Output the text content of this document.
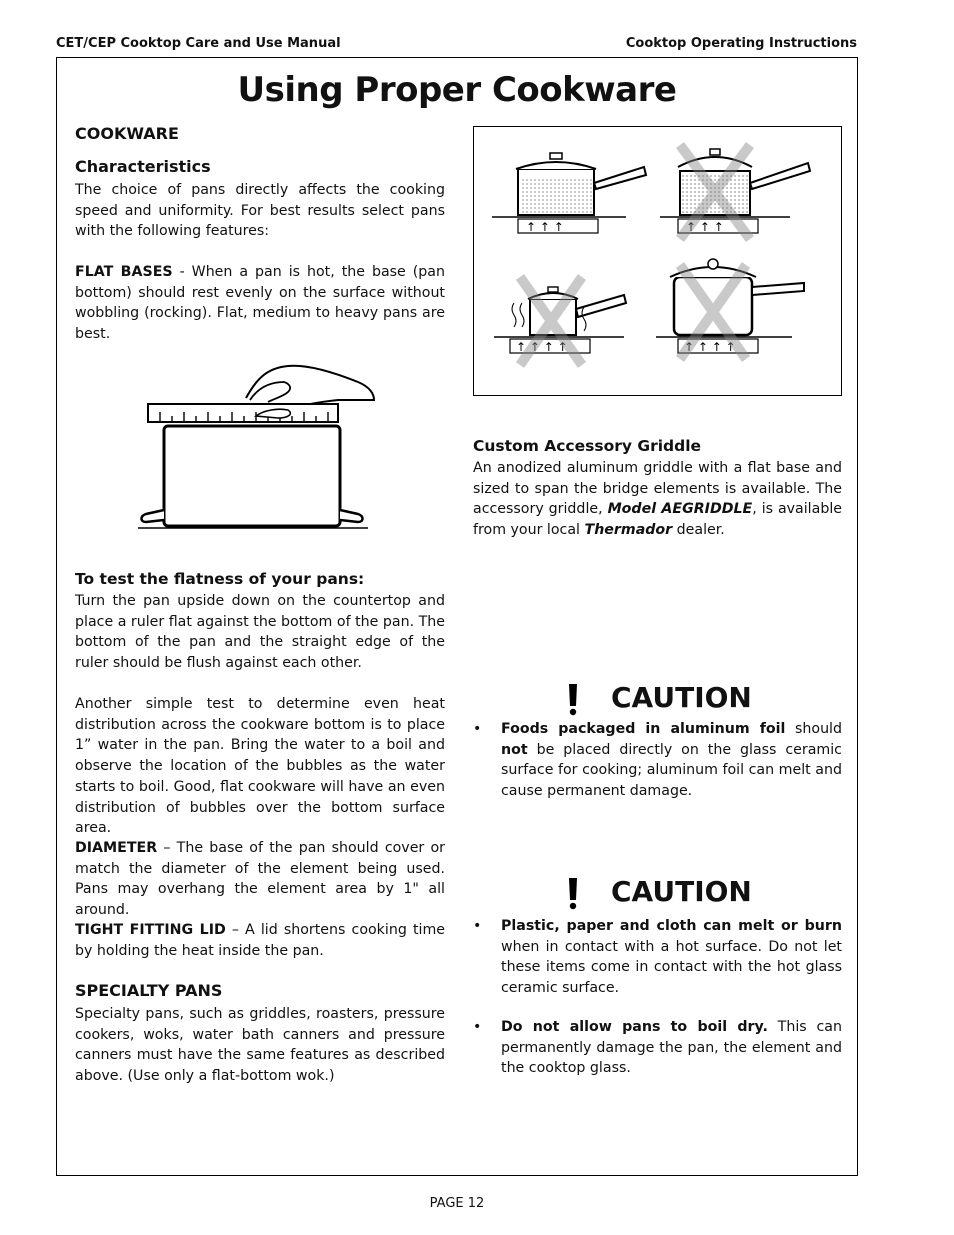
CET/CEP Cooktop Care and Use Manual	Cooktop Operating Instructions
Using Proper Cookware
COOKWARE
Characteristics
The choice of pans directly affects the cooking speed and uniformity. For best results select pans with the following features:
FLAT BASES - When a pan is hot, the base (pan bottom) should rest evenly on the surface without wobbling (rocking). Flat, medium to heavy pans are best.
To test the flatness of your pans:
Turn the pan upside down on the countertop and place a ruler flat against the bottom of the pan. The bottom of the pan and the straight edge of the ruler should be flush against each other.
Another simple test to determine even heat distribution across the cookware bottom is to place 1” water in the pan. Bring the water to a boil and observe the location of the bubbles as the water starts to boil. Good, flat cookware will have an even distribution of bubbles over the bottom surface area.
DIAMETER – The base of the pan should cover or match the diameter of the element being used. Pans may overhang the element area by 1" all around.
TIGHT FITTING LID – A lid shortens cooking time by holding the heat inside the pan.
SPECIALTY PANS
Specialty pans, such as griddles, roasters, pressure cookers, woks, water bath canners and pressure canners must have the same features as described above. (Use only a flat-bottom wok.)
↑ ↑ ↑	↑ ↑ ↑
↑ ↑ ↑ ↑	↑ ↑ ↑ ↑
Custom Accessory Griddle
An anodized aluminum griddle with a flat base and sized to span the bridge elements is available. The accessory griddle, Model AEGRIDDLE, is available from your local Thermador dealer.
CAUTION
• Foods packaged in aluminum foil should not be placed directly on the glass ceramic surface for cooking; aluminum foil can melt and cause permanent damage.
CAUTION
• Plastic, paper and cloth can melt or burn when in contact with a hot surface. Do not let these items come in contact with the hot glass ceramic surface.
• Do not allow pans to boil dry. This can permanently damage the pan, the element and the cooktop glass.
PAGE 12
